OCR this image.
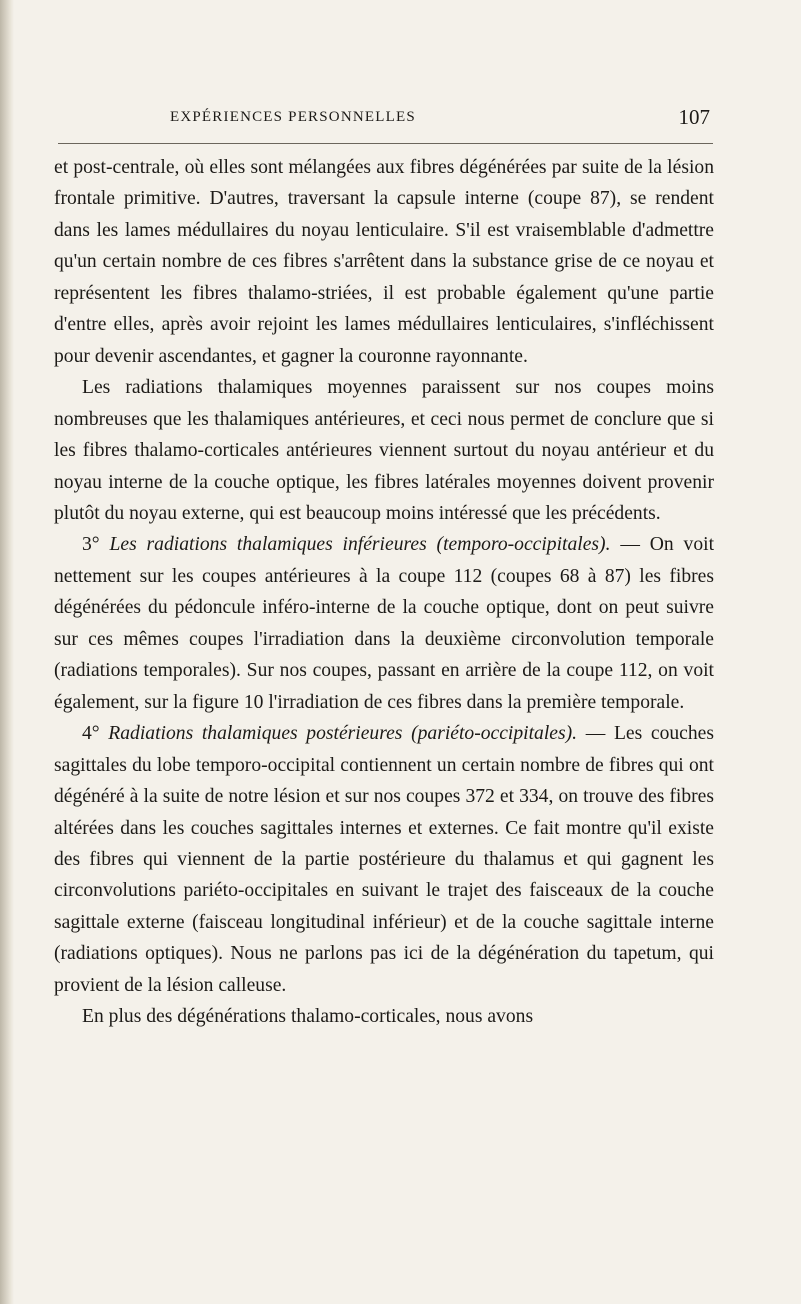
EXPÉRIENCES PERSONNELLES	107

et post-centrale, où elles sont mélangées aux fibres dégénérées par suite de la lésion frontale primitive. D'autres, traversant la capsule interne (coupe 87), se rendent dans les lames médullaires du noyau lenticulaire. S'il est vraisemblable d'admettre qu'un certain nombre de ces fibres s'arrêtent dans la substance grise de ce noyau et représentent les fibres thalamo-striées, il est probable également qu'une partie d'entre elles, après avoir rejoint les lames médullaires lenticulaires, s'infléchissent pour devenir ascendantes, et gagner la couronne rayonnante.

Les radiations thalamiques moyennes paraissent sur nos coupes moins nombreuses que les thalamiques antérieures, et ceci nous permet de conclure que si les fibres thalamo-corticales antérieures viennent surtout du noyau antérieur et du noyau interne de la couche optique, les fibres latérales moyennes doivent provenir plutôt du noyau externe, qui est beaucoup moins intéressé que les précédents.

3° Les radiations thalamiques inférieures (temporo-occipitales). — On voit nettement sur les coupes antérieures à la coupe 112 (coupes 68 à 87) les fibres dégénérées du pédoncule inféro-interne de la couche optique, dont on peut suivre sur ces mêmes coupes l'irradiation dans la deuxième circonvolution temporale (radiations temporales). Sur nos coupes, passant en arrière de la coupe 112, on voit également, sur la figure 10 l'irradiation de ces fibres dans la première temporale.

4° Radiations thalamiques postérieures (pariéto-occipitales). — Les couches sagittales du lobe temporo-occipital contiennent un certain nombre de fibres qui ont dégénéré à la suite de notre lésion et sur nos coupes 372 et 334, on trouve des fibres altérées dans les couches sagittales internes et externes. Ce fait montre qu'il existe des fibres qui viennent de la partie postérieure du thalamus et qui gagnent les circonvolutions pariéto-occipitales en suivant le trajet des faisceaux de la couche sagittale externe (faisceau longitudinal inférieur) et de la couche sagittale interne (radiations optiques). Nous ne parlons pas ici de la dégénération du tapetum, qui provient de la lésion calleuse.

En plus des dégénérations thalamo-corticales, nous avons
